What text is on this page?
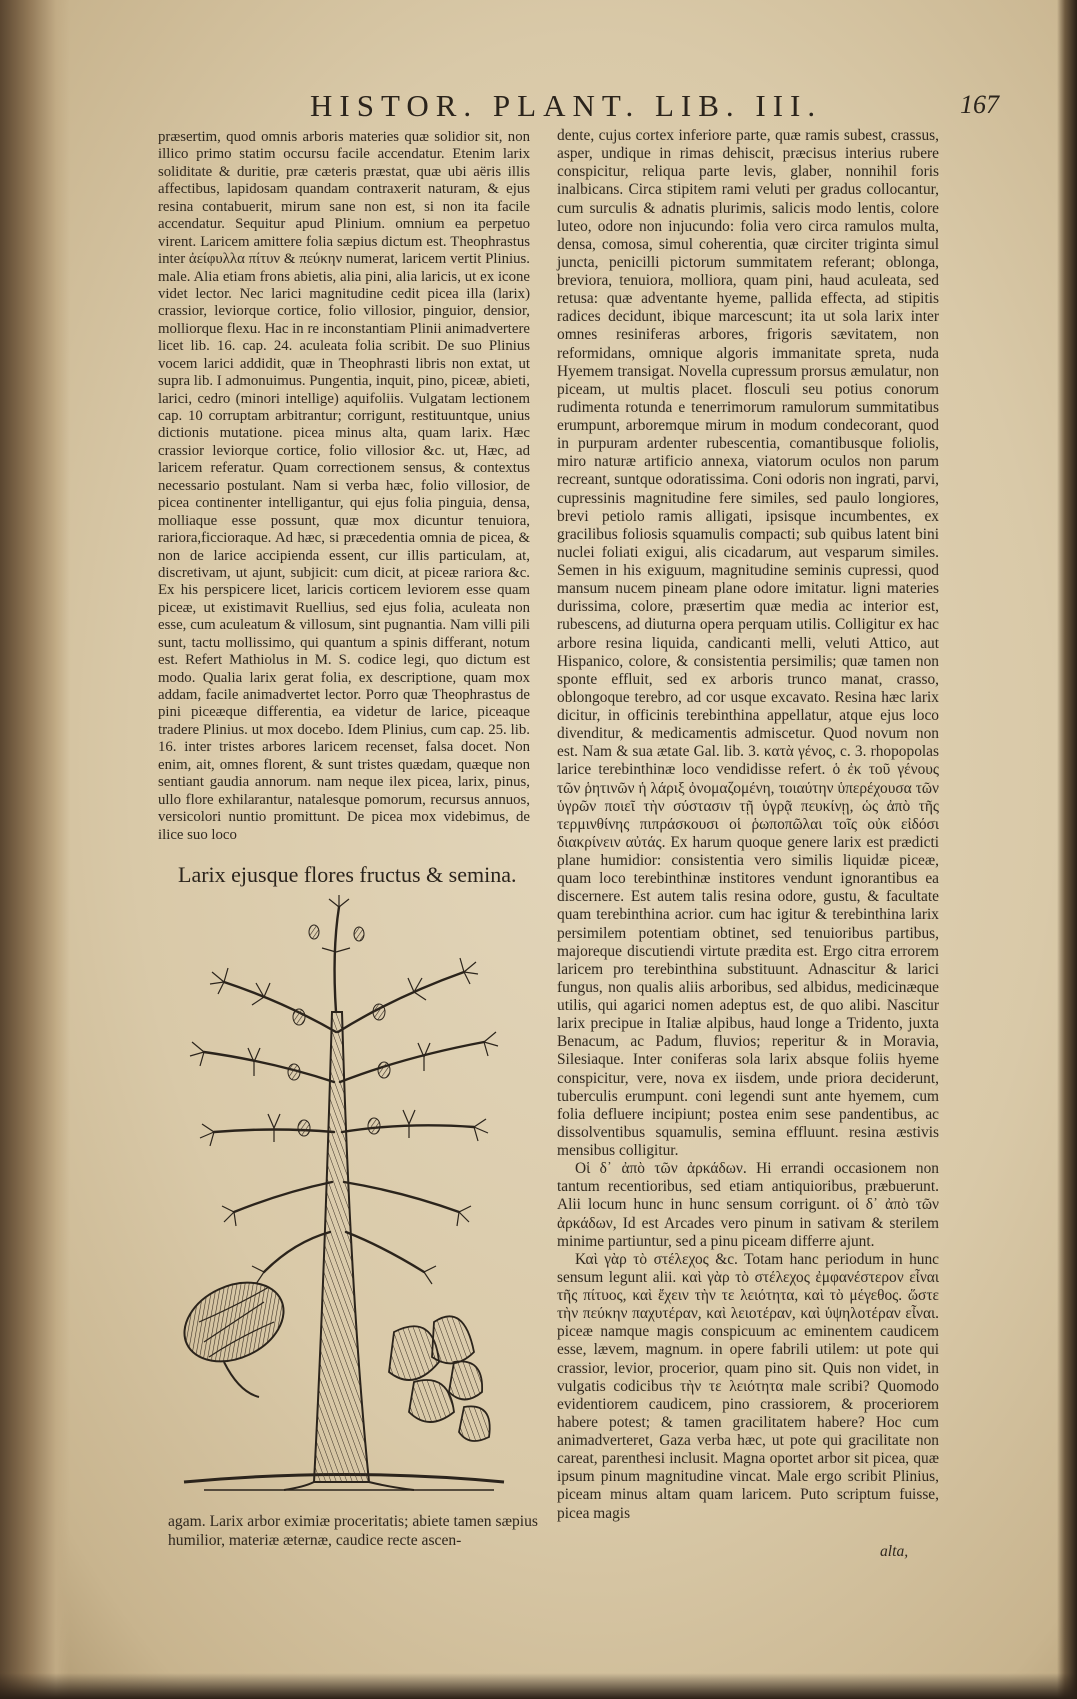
HISTOR. PLANT. LIB. III.	167

præsertim, quod omnis arboris materies quæ solidior sit, non illico primo statim occursu facile accendatur. Etenim larix soliditate & duritie, præ cæteris præstat, quæ ubi aëris illis affectibus, lapidosam quandam contraxerit naturam, & ejus resina contabuerit, mirum sane non est, si non ita facile accendatur. Sequitur apud Plinium. omnium ea perpetuo virent. Laricem amittere folia sæpius dictum est. Theophrastus inter ἀείφυλλα πίτυν & πεύκην numerat, laricem vertit Plinius. male. Alia etiam frons abietis, alia pini, alia laricis, ut ex icone videt lector. Nec larici magnitudine cedit picea illa (larix) crassior, leviorque cortice, folio villosior, pinguior, densior, molliorque flexu. Hac in re inconstantiam Plinii animadvertere licet lib. 16. cap. 24. aculeata folia scribit. De suo Plinius vocem larici addidit, quæ in Theophrasti libris non extat, ut supra lib. I admonuimus. Pungentia, inquit, pino, piceæ, abieti, larici, cedro (minori intellige) aquifoliis. Vulgatam lectionem cap. 10 corruptam arbitrantur; corrigunt, restituuntque, unius dictionis mutatione. picea minus alta, quam larix. Hæc crassior leviorque cortice, folio villosior &c. ut, Hæc, ad laricem referatur. Quam correctionem sensus, & contextus necessario postulant. Nam si verba hæc, folio villosior, de picea continenter intelligantur, qui ejus folia pinguia, densa, molliaque esse possunt, quæ mox dicuntur tenuiora, rariora,ficcioraque. Ad hæc, si præcedentia omnia de picea, & non de larice accipienda essent, cur illis particulam, at, discretivam, ut ajunt, subjicit: cum dicit, at piceæ rariora &c. Ex his perspicere licet, laricis corticem leviorem esse quam piceæ, ut existimavit Ruellius, sed ejus folia, aculeata non esse, cum aculeatum & villosum, sint pugnantia. Nam villi pili sunt, tactu mollissimo, qui quantum a spinis differant, notum est. Refert Mathiolus in M. S. codice legi, quo dictum est modo. Qualia larix gerat folia, ex descriptione, quam mox addam, facile animadvertet lector. Porro quæ Theophrastus de pini piceæque differentia, ea videtur de larice, piceaque tradere Plinius. ut mox docebo. Idem Plinius, cum cap. 25. lib. 16. inter tristes arbores laricem recenset, falsa docet. Non enim, ait, omnes florent, & sunt tristes quædam, quæque non sentiant gaudia annorum. nam neque ilex picea, larix, pinus, ullo flore exhilarantur, natalesque pomorum, recursus annuos, versicolori nuntio promittunt. De picea mox videbimus, de ilice suo loco

Larix ejusque flores fructus & semina.
agam. Larix arbor eximiæ proceritatis; abiete tamen sæpius humilior, materiæ æternæ, caudice recte ascen-

dente, cujus cortex inferiore parte, quæ ramis subest, crassus, asper, undique in rimas dehiscit, præcisus interius rubere conspicitur, reliqua parte levis, glaber, nonnihil foris inalbicans. Circa stipitem rami veluti per gradus collocantur, cum surculis & adnatis plurimis, salicis modo lentis, colore luteo, odore non injucundo: folia vero circa ramulos multa, densa, comosa, simul coherentia, quæ circiter triginta simul juncta, penicilli pictorum summitatem referant; oblonga, breviora, tenuiora, molliora, quam pini, haud aculeata, sed retusa: quæ adventante hyeme, pallida effecta, ad stipitis radices decidunt, ibique marcescunt; ita ut sola larix inter omnes resiniferas arbores, frigoris sævitatem, non reformidans, omnique algoris immanitate spreta, nuda Hyemem transigat. Novella cupressum prorsus æmulatur, non piceam, ut multis placet. flosculi seu potius conorum rudimenta rotunda e tenerrimorum ramulorum summitatibus erumpunt, arboremque mirum in modum condecorant, quod in purpuram ardenter rubescentia, comantibusque foliolis, miro naturæ artificio annexa, viatorum oculos non parum recreant, suntque odoratissima. Coni odoris non ingrati, parvi, cupressinis magnitudine fere similes, sed paulo longiores, brevi petiolo ramis alligati, ipsisque incumbentes, ex gracilibus foliosis squamulis compacti; sub quibus latent bini nuclei foliati exigui, alis cicadarum, aut vesparum similes. Semen in his exiguum, magnitudine seminis cupressi, quod mansum nucem pineam plane odore imitatur. ligni materies durissima, colore, præsertim quæ media ac interior est, rubescens, ad diuturna opera perquam utilis. Colligitur ex hac arbore resina liquida, candicanti melli, veluti Attico, aut Hispanico, colore, & consistentia persimilis; quæ tamen non sponte effluit, sed ex arboris trunco manat, crasso, oblongoque terebro, ad cor usque excavato. Resina hæc larix dicitur, in officinis terebinthina appellatur, atque ejus loco divenditur, & medicamentis admiscetur. Quod novum non est. Nam & sua ætate Gal. lib. 3. κατὰ γένος, c. 3. rhopopolas larice terebinthinæ loco vendidisse refert. ὁ ἐκ τοῦ γένους τῶν ῥητινῶν ἡ λάριξ ὀνομαζομένη, τοιαύτην ὑπερέχουσα τῶν ὑγρῶν ποιεῖ τὴν σύστασιν τῇ ὑγρᾷ πευκίνῃ, ὡς ἀπὸ τῆς τερμινθίνης πιπράσκουσι οἱ ῥωποπῶλαι τοῖς οὐκ εἰδόσι διακρίνειν αὐτάς. Ex harum quoque genere larix est prædicti plane humidior: consistentia vero similis liquidæ piceæ, quam loco terebinthinæ institores vendunt ignorantibus ea discernere. Est autem talis resina odore, gustu, & facultate quam terebinthina acrior. cum hac igitur & terebinthina larix persimilem potentiam obtinet, sed tenuioribus partibus, majoreque discutiendi virtute prædita est. Ergo citra errorem laricem pro terebinthina substituunt. Adnascitur & larici fungus, non qualis aliis arboribus, sed albidus, medicinæque utilis, qui agarici nomen adeptus est, de quo alibi. Nascitur larix precipue in Italiæ alpibus, haud longe a Tridento, juxta Benacum, ac Padum, fluvios; reperitur & in Moravia, Silesiaque. Inter coniferas sola larix absque foliis hyeme conspicitur, vere, nova ex iisdem, unde priora deciderunt, tuberculis erumpunt. coni legendi sunt ante hyemem, cum folia defluere incipiunt; postea enim sese pandentibus, ac dissolventibus squamulis, semina effluunt. resina æstivis mensibus colligitur.

Οἱ δ᾽ ἀπὸ τῶν ἀρκάδων. Hi errandi occasionem non tantum recentioribus, sed etiam antiquioribus, præbuerunt. Alii locum hunc in hunc sensum corrigunt. οἱ δ᾽ ἀπὸ τῶν ἀρκάδων, Id est Arcades vero pinum in sativam & sterilem minime partiuntur, sed a pinu piceam differre ajunt.

Καὶ γὰρ τὸ στέλεχος &c. Totam hanc periodum in hunc sensum legunt alii. καὶ γὰρ τὸ στέλεχος ἐμφανέστερον εἶναι τῆς πίτυος, καὶ ἔχειν τὴν τε λειότητα, καὶ τὸ μέγεθος. ὥστε τὴν πεύκην παχυτέραν, καὶ λειοτέραν, καὶ ὑψηλοτέραν εἶναι. piceæ namque magis conspicuum ac eminentem caudicem esse, lævem, magnum. in opere fabrili utilem: ut pote qui crassior, levior, procerior, quam pino sit. Quis non videt, in vulgatis codicibus τὴν τε λειότητα male scribi? Quomodo evidentiorem caudicem, pino crassiorem, & proceriorem habere potest; & tamen gracilitatem habere? Hoc cum animadverteret, Gaza verba hæc, ut pote qui gracilitate non careat, parenthesi inclusit. Magna oportet arbor sit picea, quæ ipsum pinum magnitudine vincat. Male ergo scribit Plinius, piceam minus altam quam laricem. Puto scriptum fuisse, picea magis

alta,
